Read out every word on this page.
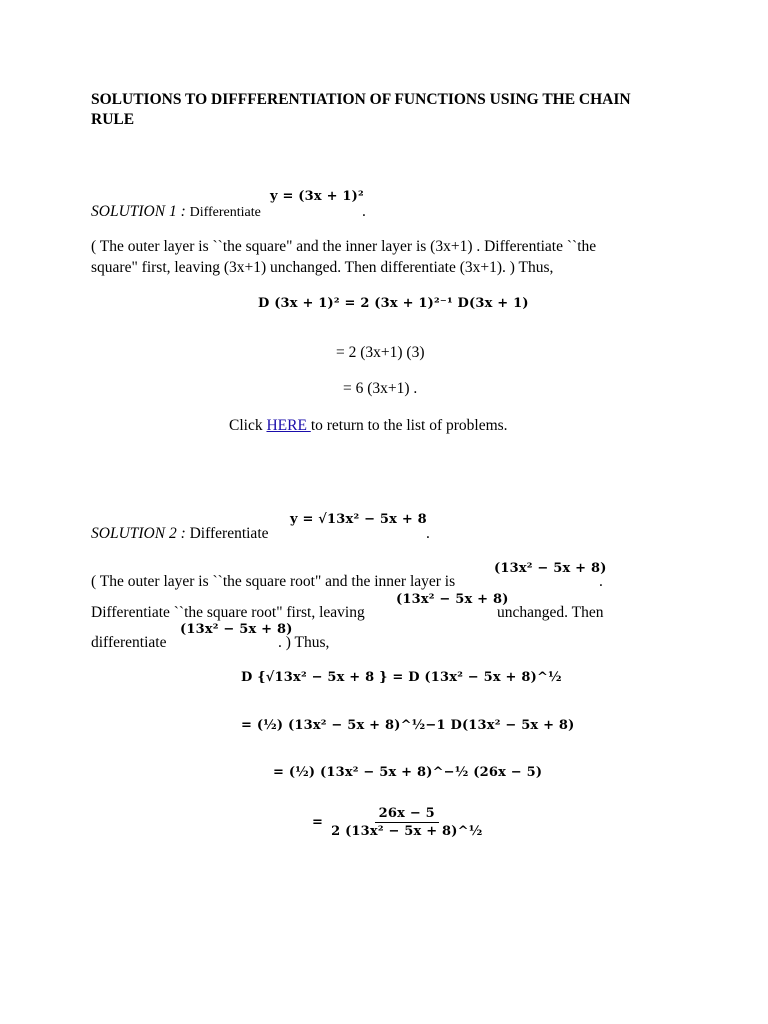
SOLUTIONS TO DIFFFERENTIATION OF FUNCTIONS USING THE CHAIN RULE
y = (3x + 1)²
SOLUTION 1 : Differentiate	.
( The outer layer is ``the square" and the inner layer is (3x+1) . Differentiate ``the
square" first, leaving (3x+1) unchanged. Then differentiate (3x+1). ) Thus,
D (3x + 1)² = 2 (3x + 1)²⁻¹ D(3x + 1)
= 2 (3x+1) (3)
= 6 (3x+1) .
Click HERE to return to the list of problems.
y = √13x² − 5x + 8
SOLUTION 2 : Differentiate	.
( The outer layer is ``the square root" and the inner layer is
(13x² − 5x + 8)
.
Differentiate ``the square root" first, leaving
(13x² − 5x + 8)
unchanged. Then
differentiate
(13x² − 5x + 8)
. ) Thus,
D {√13x² − 5x + 8 } = D (13x² − 5x + 8)^½
= (½) (13x² − 5x + 8)^½−1 D(13x² − 5x + 8)
= (½) (13x² − 5x + 8)^−½ (26x − 5)
= $\frac{26x - 5}{\text{2 (13x² − 5x + 8)\textasciicircum{}½}}$
